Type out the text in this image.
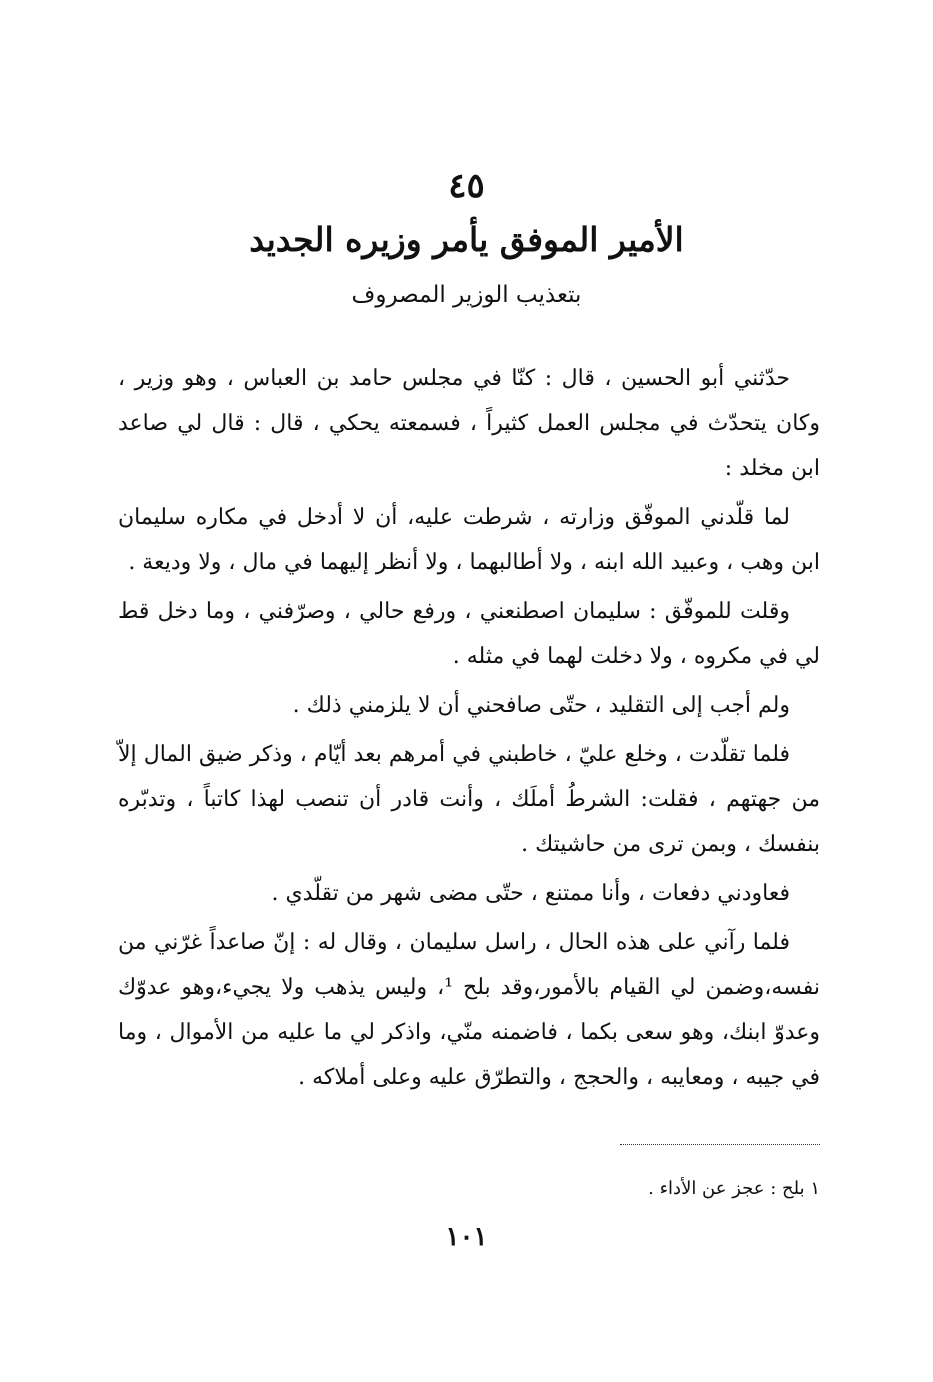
٤٥
الأمير الموفق يأمر وزيره الجديد
بتعذيب الوزير المصروف

حدّثني أبو الحسين ، قال : كنّا في مجلس حامد بن العباس ، وهو وزير ، وكان يتحدّث في مجلس العمل كثيراً ، فسمعته يحكي ، قال : قال لي صاعد ابن مخلد :

لما قلّدني الموفّق وزارته ، شرطت عليه، أن لا أدخل في مكاره سليمان ابن وهب ، وعبيد الله ابنه ، ولا أطالبهما ، ولا أنظر إليهما في مال ، ولا وديعة .

وقلت للموفّق : سليمان اصطنعني ، ورفع حالي ، وصرّفني ، وما دخل قط لي في مكروه ، ولا دخلت لهما في مثله .

ولم أجب إلى التقليد ، حتّى صافحني أن لا يلزمني ذلك .

فلما تقلّدت ، وخلع عليّ ، خاطبني في أمرهم بعد أيّام ، وذكر ضيق المال إلاّ من جهتهم ، فقلت: الشرطُ أملَك ، وأنت قادر أن تنصب لهذا كاتباً ، وتدبّره بنفسك ، وبمن ترى من حاشيتك .

فعاودني دفعات ، وأنا ممتنع ، حتّى مضى شهر من تقلّدي .

فلما رآني على هذه الحال ، راسل سليمان ، وقال له : إنّ صاعداً غرّني من نفسه،وضمن لي القيام بالأمور،وقد بلح ¹، وليس يذهب ولا يجيء،وهو عدوّك وعدوّ ابنك، وهو سعى بكما ، فاضمنه منّي، واذكر لي ما عليه من الأموال ، وما في جيبه ، ومعايبه ، والحجج ، والتطرّق عليه وعلى أملاكه .

١ بلح : عجز عن الأداء .
١٠١
